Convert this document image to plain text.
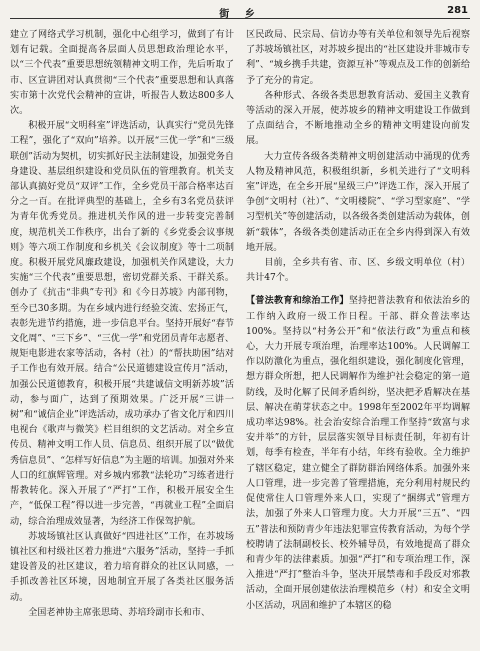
街 乡	281

建立了网络式学习机制，强化中心组学习，做到了有计划有记载。全面提高各层面人员思想政治理论水平，以“三个代表”重要思想统领精神文明工作，先后听取了市、区宣讲团对认真贯彻“三个代表”重要思想和认真落实市第十次党代会精神的宣讲，听报告人数达800多人次。

积极开展“文明科室”评选活动，认真实行“党员先锋工程”，强化了“双向”培养。以开展“三优一学”和“三级联创”活动为契机，切实抓好民主法制建设，加强党务自身建设、基层组织建设和党员队伍的管理教育。机关支部认真搞好党员“双评”工作，全乡党员干部合格率达百分之一百。在批评典型的基础上，全乡有3名党员获评为青年优秀党员。推进机关作风的进一步转变完善制度，规范机关工作秩序，出台了新的《乡党委会议事规则》等六项工作制度和乡机关《会议制度》等十二项制度。积极开展党风廉政建设，加强机关作风建设，大力实施“三个代表”重要思想，密切党群关系、干群关系。创办了《抗击“非典”专刊》和《今日苏坡》内部刊物，至今已30多期。为在乡域内进行经验交流、宏扬正气，表彰先进节约措施，进一步信息平台。坚持开展好“春节文化周”、“三下乡”、“三优一学”和党团员青年志愿者、规矩电影进农家等活动，各村（社）的“帮扶助困”结对子工作也有效开展。结合“公民道德建设宣传月”活动，加强公民道德教育，积极开展“共建诚信文明新苏坡”活动，参与面广，达到了预期效果。广泛开展“三讲一树”和“诚信企业”评选活动，成功承办了省文化厅和四川电视台《歌声与微笑》栏目组织的文艺活动。对全乡宣传员、精神文明工作人员、信息员、组织开展了以“做优秀信息员”、“怎样写好信息”为主题的培训。加强对外来人口的红旗辉管理。对乡城内邪教“法轮功”习练者进行帮教转化。深入开展了“严打”工作，积极开展安全生产，“低保工程”得以进一步完善，“再就业工程”全面启动，综合治理成效显著，为经济工作保驾护航。

苏坡场镇社区认真做好“四进社区”工作，在苏坡场镇社区和村级社区着力推进“六服务”活动，坚持一手抓建设普及的社区建议，着力培育群众的社区认同感，一手抓改善社区环境，因地制宜开展了各类社区服务活动。

全国老神协主席张思琦、苏培玲副市长和市、

区民政局、民宗局、信访办等有关单位和领导先后视察了苏坡场镇社区，对苏坡乡提出的“社区建设并非城市专利”、“城乡携手共建，资源互补”等观点及工作的创新给予了充分的肯定。

各种形式、各级各类思想教育活动、爱国主义教育等活动的深入开展，使苏坡乡的精神文明建设工作做到了点面结合，不断地推动全乡的精神文明建设向前发展。

大力宣传各级各类精神文明创建活动中涌现的优秀人物及精神风范，积极组织新，乡机关进行了“文明科室”评选，在全乡开展“星级三户”评选工作，深入开展了争创“文明村（社）”、“文明楼院”、“学习型家庭”、“学习型机关”等创建活动，以各级各类创建活动为载体，创新“载体”，各级各类创建活动正在全乡内得到深入有效地开展。

目前，全乡共有省、市、区、乡级文明单位（村）共计47个。

【普法教育和综治工作】坚持把普法教育和依法治乡的工作纳入政府一级工作日程。干部、群众普法率达100%。坚持以“村务公开”和“依法行政”为重点和核心，大力开展专项治理，治理率达100%。人民调解工作以防激化为重点，强化组织建设，强化制度化管理，想方群众所想，把人民调解作为维护社会稳定的第一道防线，及时化解了民间矛盾纠纷，坚决把矛盾解决在基层、解决在萌芽状态之中。1998年至2002年平均调解成功率达98%。社会治安综合治理工作坚持“致富与求安并举”的方针，层层落实领导目标责任制，年初有计划，每季有检查，半年有小结，年终有验收。全力维护了辖区稳定，建立健全了群防群治网络体系。加强外来人口管理，进一步完善了管理措施，充分利用村规民约促使常住人口管理外来人口，实现了“捆绑式”管理方法，加强了外来人口管理力度。大力开展“三五”、“四五”普法和预防青少年违法犯罪宣传教育活动，为每个学校聘请了法制副校长、校外辅导员，有效地提高了群众和青少年的法律素质。加强“严打”和专项治理工作，深入推进“严打”整治斗争，坚决开展禁毒和手段反对邪教活动，全面开展创建依法治理模范乡（村）和安全文明小区活动，巩固和维护了本辖区的稳
